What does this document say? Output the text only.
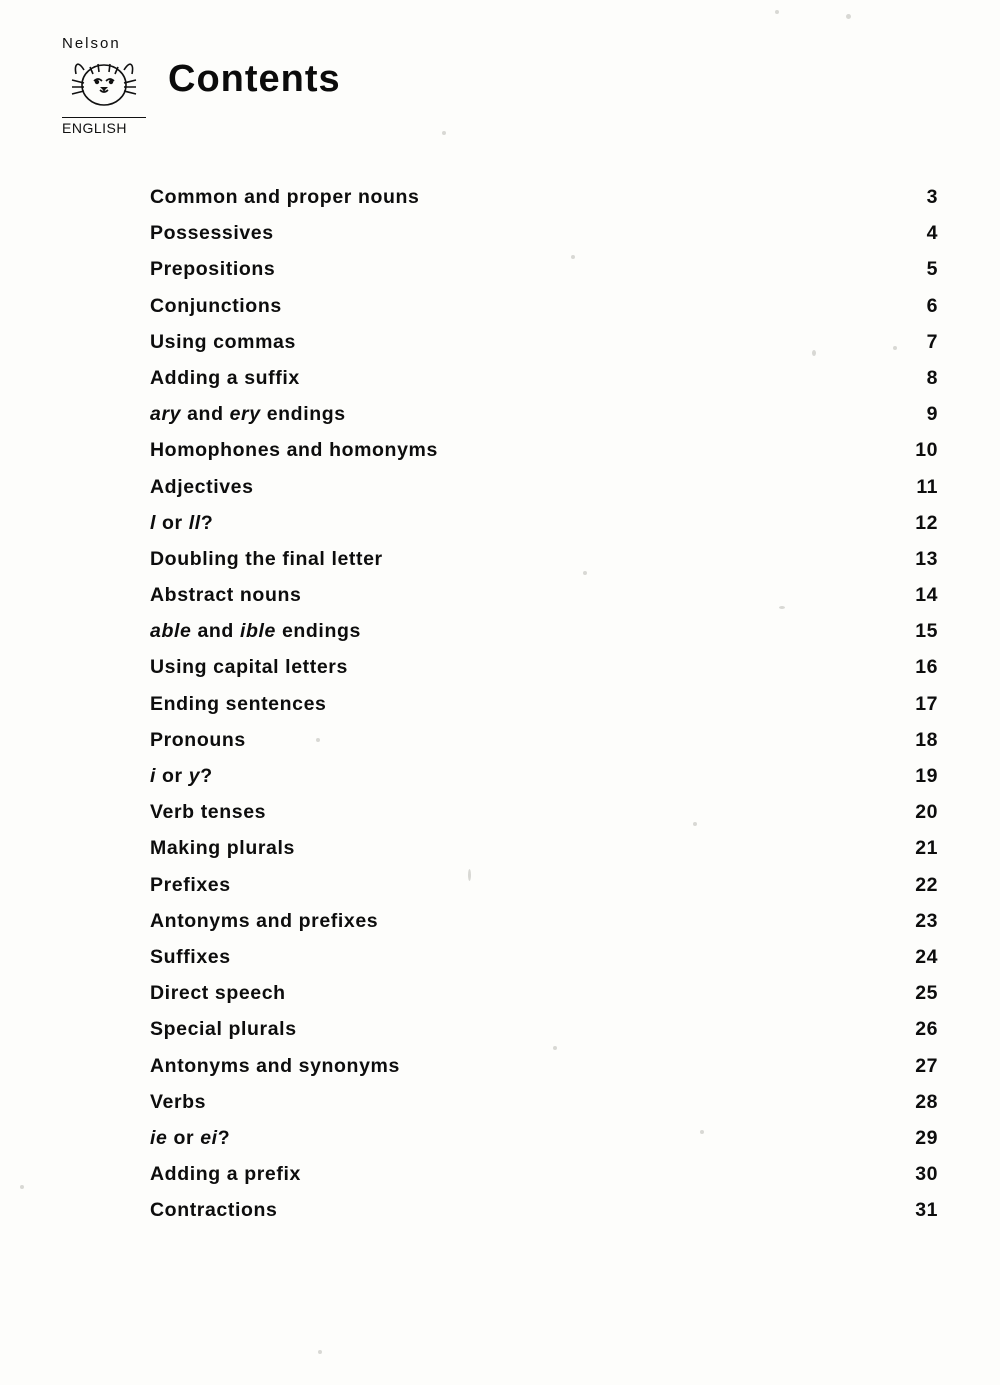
Nelson
ENGLISH
Contents
Common and proper nouns	3
Possessives	4
Prepositions	5
Conjunctions	6
Using commas	7
Adding a suffix	8
ary and ery endings	9
Homophones and homonyms	10
Adjectives	11
l or ll?	12
Doubling the final letter	13
Abstract nouns	14
able and ible endings	15
Using capital letters	16
Ending sentences	17
Pronouns	18
i or y?	19
Verb tenses	20
Making plurals	21
Prefixes	22
Antonyms and prefixes	23
Suffixes	24
Direct speech	25
Special plurals	26
Antonyms and synonyms	27
Verbs	28
ie or ei?	29
Adding a prefix	30
Contractions	31
